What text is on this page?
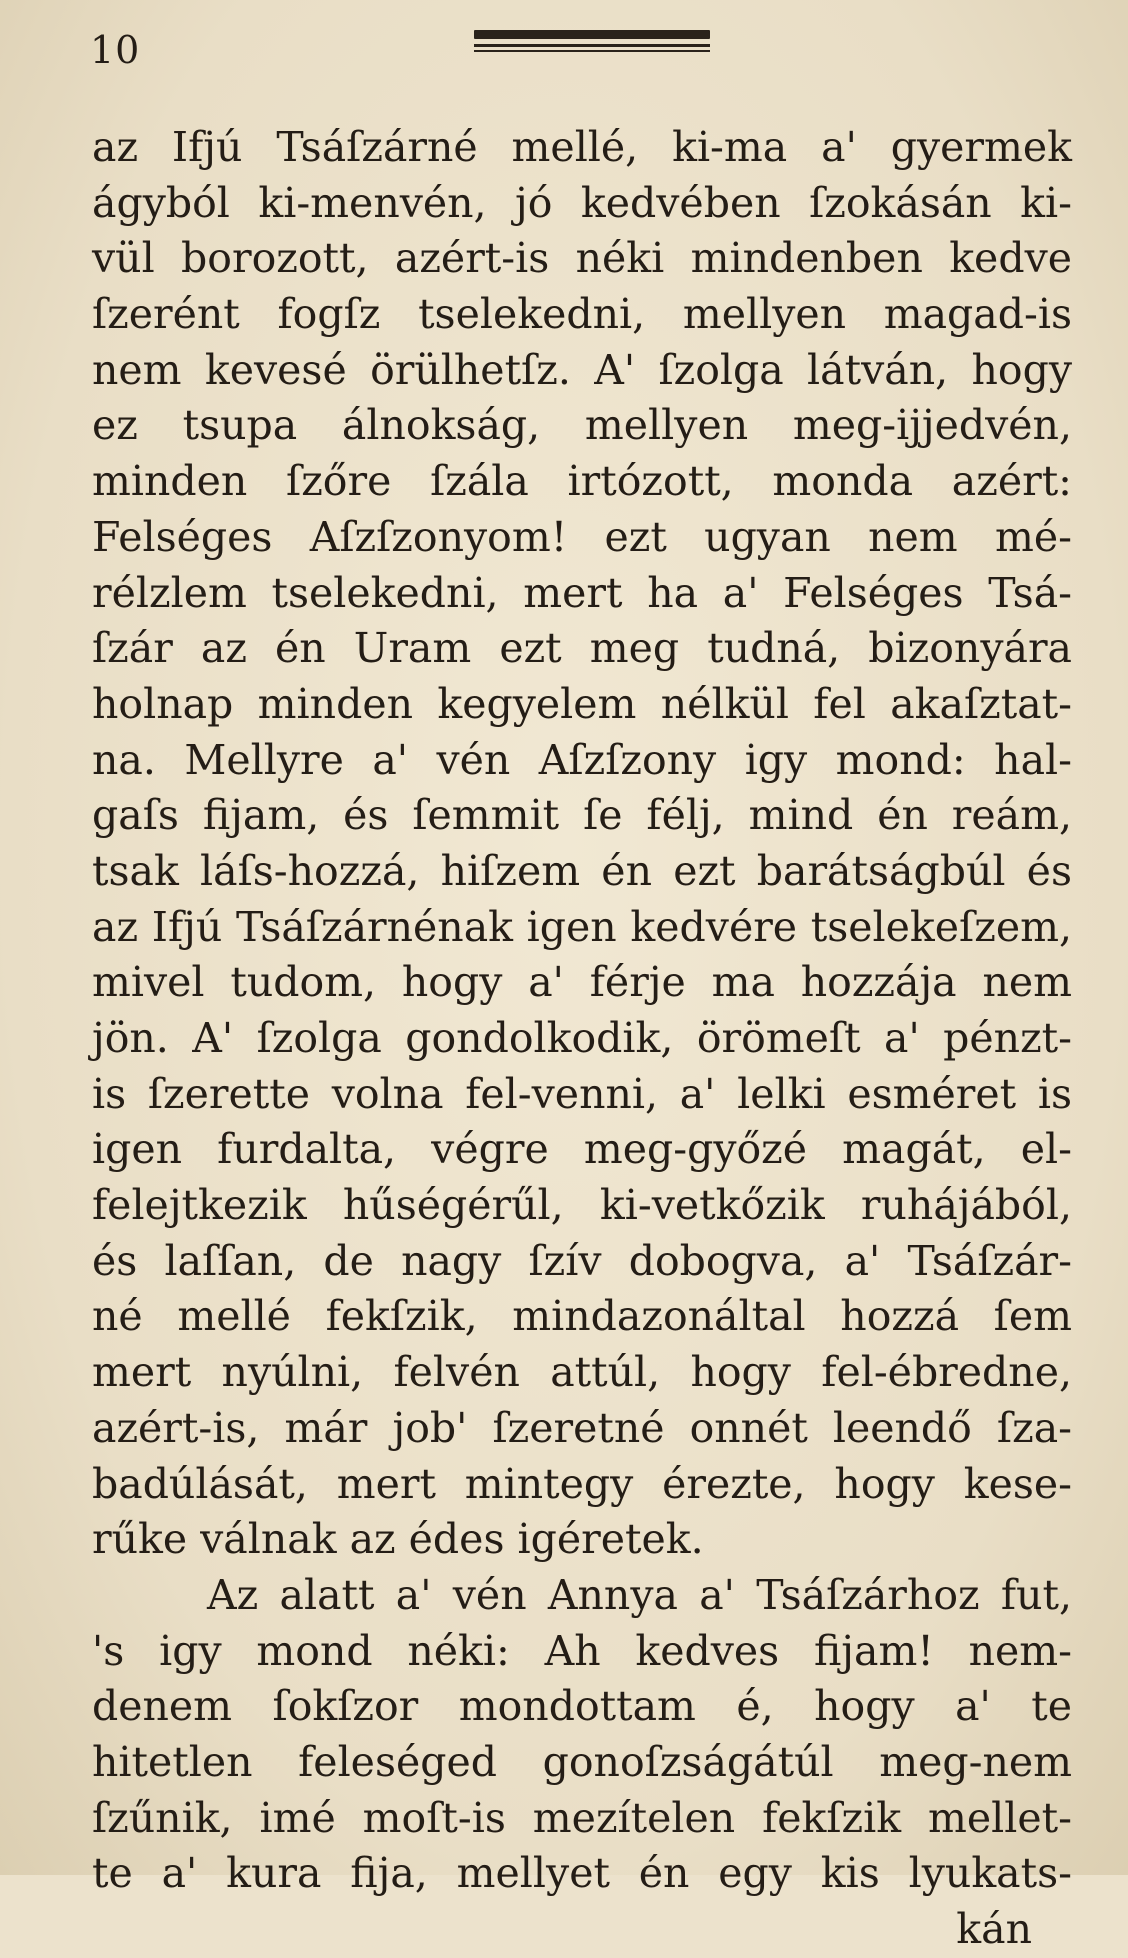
10
az Ifjú Tsáſzárné mellé, ki-ma a' gyermek
ágyból ki-menvén, jó kedvében ſzokásán ki-
vül borozott, azért-is néki mindenben kedve
ſzerént fogſz tselekedni, mellyen magad-is
nem kevesé örülhetſz. A' ſzolga látván, hogy
ez tsupa álnokság, mellyen meg-ijjedvén,
minden ſzőre ſzála irtózott, monda azért:
Felséges Aſzſzonyom! ezt ugyan nem mé-
rélzlem tselekedni, mert ha a' Felséges Tsá-
ſzár az én Uram ezt meg tudná, bizonyára
holnap minden kegyelem nélkül fel akaſztat-
na. Mellyre a' vén Aſzſzony igy mond: hal-
gaſs fijam, és ſemmit ſe félj, mind én reám,
tsak láſs-hozzá, hiſzem én ezt barátságbúl és
az Ifjú Tsáſzárnénak igen kedvére tselekeſzem,
mivel tudom, hogy a' férje ma hozzája nem
jön. A' ſzolga gondolkodik, örömeſt a' pénzt-
is ſzerette volna fel-venni, a' lelki esméret is
igen furdalta, végre meg-győzé magát, el-
felejtkezik hűségérűl, ki-vetkőzik ruhájából,
és laſſan, de nagy ſzív dobogva, a' Tsáſzár-
né mellé fekſzik, mindazonáltal hozzá ſem
mert nyúlni, felvén attúl, hogy fel-ébredne,
azért-is, már job' ſzeretné onnét leendő ſza-
badúlását, mert mintegy érezte, hogy kese-
rűke válnak az édes igéretek.
Az alatt a' vén Annya a' Tsáſzárhoz fut,
's igy mond néki: Ah kedves fijam! nem-
denem ſokſzor mondottam é, hogy a' te
hitetlen feleséged gonoſzságátúl meg-nem
ſzűnik, imé moſt-is mezítelen fekſzik mellet-
te a' kura fija, mellyet én egy kis lyukats-
kán
